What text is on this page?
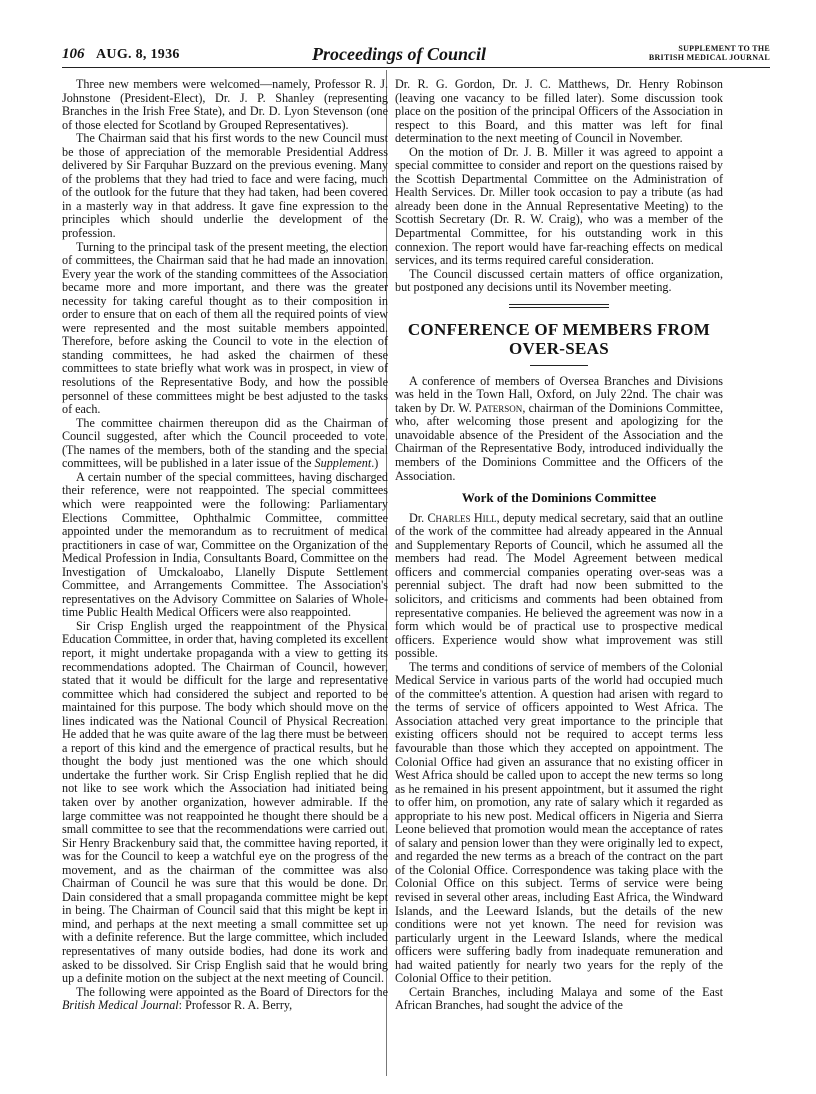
106 AUG. 8, 1936	Proceedings of Council	SUPPLEMENT TO THE
BRITISH MEDICAL JOURNAL

Three new members were welcomed—namely, Professor R. J. Johnstone (President-Elect), Dr. J. P. Shanley (representing Branches in the Irish Free State), and Dr. D. Lyon Stevenson (one of those elected for Scotland by Grouped Representatives).

The Chairman said that his first words to the new Council must be those of appreciation of the memorable Presidential Address delivered by Sir Farquhar Buzzard on the previous evening. Many of the problems that they had tried to face and were facing, much of the outlook for the future that they had taken, had been covered in a masterly way in that address. It gave fine expression to the principles which should underlie the development of the profession.

Turning to the principal task of the present meeting, the election of committees, the Chairman said that he had made an innovation. Every year the work of the standing committees of the Association became more and more important, and there was the greater necessity for taking careful thought as to their composition in order to ensure that on each of them all the required points of view were represented and the most suitable members appointed. Therefore, before asking the Council to vote in the election of standing committees, he had asked the chairmen of these committees to state briefly what work was in prospect, in view of resolutions of the Representative Body, and how the possible personnel of these committees might be best adjusted to the tasks of each.

The committee chairmen thereupon did as the Chairman of Council suggested, after which the Council proceeded to vote. (The names of the members, both of the standing and the special committees, will be published in a later issue of the Supplement.)

A certain number of the special committees, having discharged their reference, were not reappointed. The special committees which were reappointed were the following: Parliamentary Elections Committee, Ophthalmic Committee, committee appointed under the memorandum as to recruitment of medical practitioners in case of war, Committee on the Organization of the Medical Profession in India, Consultants Board, Committee on the Investigation of Umckaloabo, Llanelly Dispute Settlement Committee, and Arrangements Committee. The Association's representatives on the Advisory Committee on Salaries of Whole-time Public Health Medical Officers were also reappointed.

Sir Crisp English urged the reappointment of the Physical Education Committee, in order that, having completed its excellent report, it might undertake propaganda with a view to getting its recommendations adopted. The Chairman of Council, however, stated that it would be difficult for the large and representative committee which had considered the subject and reported to be maintained for this purpose. The body which should move on the lines indicated was the National Council of Physical Recreation. He added that he was quite aware of the lag there must be between a report of this kind and the emergence of practical results, but he thought the body just mentioned was the one which should undertake the further work. Sir Crisp English replied that he did not like to see work which the Association had initiated being taken over by another organization, however admirable. If the large committee was not reappointed he thought there should be a small committee to see that the recommendations were carried out. Sir Henry Brackenbury said that, the committee having reported, it was for the Council to keep a watchful eye on the progress of the movement, and as the chairman of the committee was also Chairman of Council he was sure that this would be done. Dr. Dain considered that a small propaganda committee might be kept in being. The Chairman of Council said that this might be kept in mind, and perhaps at the next meeting a small committee set up with a definite reference. But the large committee, which included representatives of many outside bodies, had done its work and asked to be dissolved. Sir Crisp English said that he would bring up a definite motion on the subject at the next meeting of Council.

The following were appointed as the Board of Directors for the British Medical Journal: Professor R. A. Berry,

Dr. R. G. Gordon, Dr. J. C. Matthews, Dr. Henry Robinson (leaving one vacancy to be filled later). Some discussion took place on the position of the principal Officers of the Association in respect to this Board, and this matter was left for final determination to the next meeting of Council in November.

On the motion of Dr. J. B. Miller it was agreed to appoint a special committee to consider and report on the questions raised by the Scottish Departmental Committee on the Administration of Health Services. Dr. Miller took occasion to pay a tribute (as had already been done in the Annual Representative Meeting) to the Scottish Secretary (Dr. R. W. Craig), who was a member of the Departmental Committee, for his outstanding work in this connexion. The report would have far-reaching effects on medical services, and its terms required careful consideration.

The Council discussed certain matters of office organization, but postponed any decisions until its November meeting.

CONFERENCE OF MEMBERS FROM
OVER-SEAS

A conference of members of Oversea Branches and Divisions was held in the Town Hall, Oxford, on July 22nd. The chair was taken by Dr. W. Paterson, chairman of the Dominions Committee, who, after welcoming those present and apologizing for the unavoidable absence of the President of the Association and the Chairman of the Representative Body, introduced individually the members of the Dominions Committee and the Officers of the Association.

Work of the Dominions Committee

Dr. Charles Hill, deputy medical secretary, said that an outline of the work of the committee had already appeared in the Annual and Supplementary Reports of Council, which he assumed all the members had read. The Model Agreement between medical officers and commercial companies operating over-seas was a perennial subject. The draft had now been submitted to the solicitors, and criticisms and comments had been obtained from representative companies. He believed the agreement was now in a form which would be of practical use to prospective medical officers. Experience would show what improvement was still possible.

The terms and conditions of service of members of the Colonial Medical Service in various parts of the world had occupied much of the committee's attention. A question had arisen with regard to the terms of service of officers appointed to West Africa. The Association attached very great importance to the principle that existing officers should not be required to accept terms less favourable than those which they accepted on appointment. The Colonial Office had given an assurance that no existing officer in West Africa should be called upon to accept the new terms so long as he remained in his present appointment, but it assumed the right to offer him, on promotion, any rate of salary which it regarded as appropriate to his new post. Medical officers in Nigeria and Sierra Leone believed that promotion would mean the acceptance of rates of salary and pension lower than they were originally led to expect, and regarded the new terms as a breach of the contract on the part of the Colonial Office. Correspondence was taking place with the Colonial Office on this subject. Terms of service were being revised in several other areas, including East Africa, the Windward Islands, and the Leeward Islands, but the details of the new conditions were not yet known. The need for revision was particularly urgent in the Leeward Islands, where the medical officers were suffering badly from inadequate remuneration and had waited patiently for nearly two years for the reply of the Colonial Office to their petition.

Certain Branches, including Malaya and some of the East African Branches, had sought the advice of the
